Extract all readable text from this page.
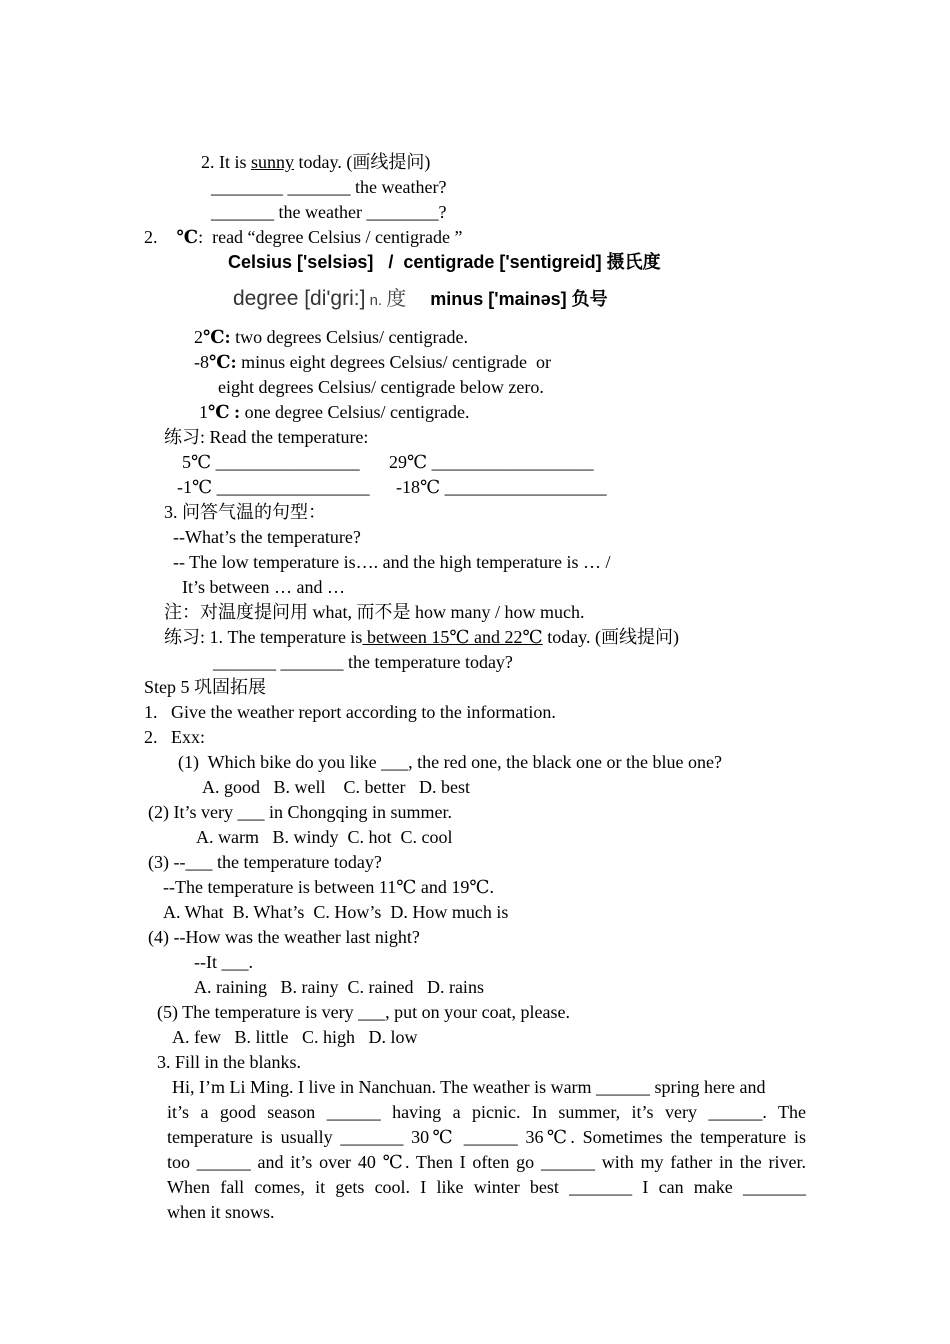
2. It is sunny today. (画线提问)
________ _______ the weather?
_______ the weather ________?
2. ℃:  read “degree Celsius / centigrade ”
Celsius ['selsiəs]   /  centigrade ['sentigreid] 摄氏度
degree [di'gri:] n. 度 minus ['mainəs] 负号
2℃: two degrees Celsius/ centigrade.
-8℃: minus eight degrees Celsius/ centigrade  or
eight degrees Celsius/ centigrade below zero.
1℃ : one degree Celsius/ centigrade.
练习: Read the temperature:
5℃ ________________ 29℃ __________________
-1℃ _________________ -18℃ __________________
3. 问答气温的句型：
--What’s the temperature?
-- The low temperature is…. and the high temperature is … /
It’s between … and …
注：对温度提问用 what, 而不是 how many / how much.
练习: 1. The temperature is between 15℃ and 22℃ today. (画线提问)
_______ _______ the temperature today?
Step 5 巩固拓展
1.   Give the weather report according to the information.
2.   Exx:
(1)  Which bike do you like ___, the red one, the black one or the blue one?
A. good   B. well    C. better   D. best
(2) It’s very ___ in Chongqing in summer.
A. warm   B. windy  C. hot  C. cool
(3) --___ the temperature today?
--The temperature is between 11℃ and 19℃.
A. What  B. What’s  C. How’s  D. How much is
(4) --How was the weather last night?
--It ___.
A. raining   B. rainy  C. rained   D. rains
(5) The temperature is very ___, put on your coat, please.
A. few   B. little   C. high   D. low
3. Fill in the blanks.
Hi, I’m Li Ming. I live in Nanchuan. The weather is warm ______ spring here and
it’s a good season ______ having a picnic. In summer, it’s very ______. The
temperature is usually _______ 30℃ ______ 36℃. Sometimes the temperature is
too ______ and it’s over 40 ℃. Then I often go ______ with my father in the river.
When fall comes, it gets cool. I like winter best _______ I can make _______
when it snows.
